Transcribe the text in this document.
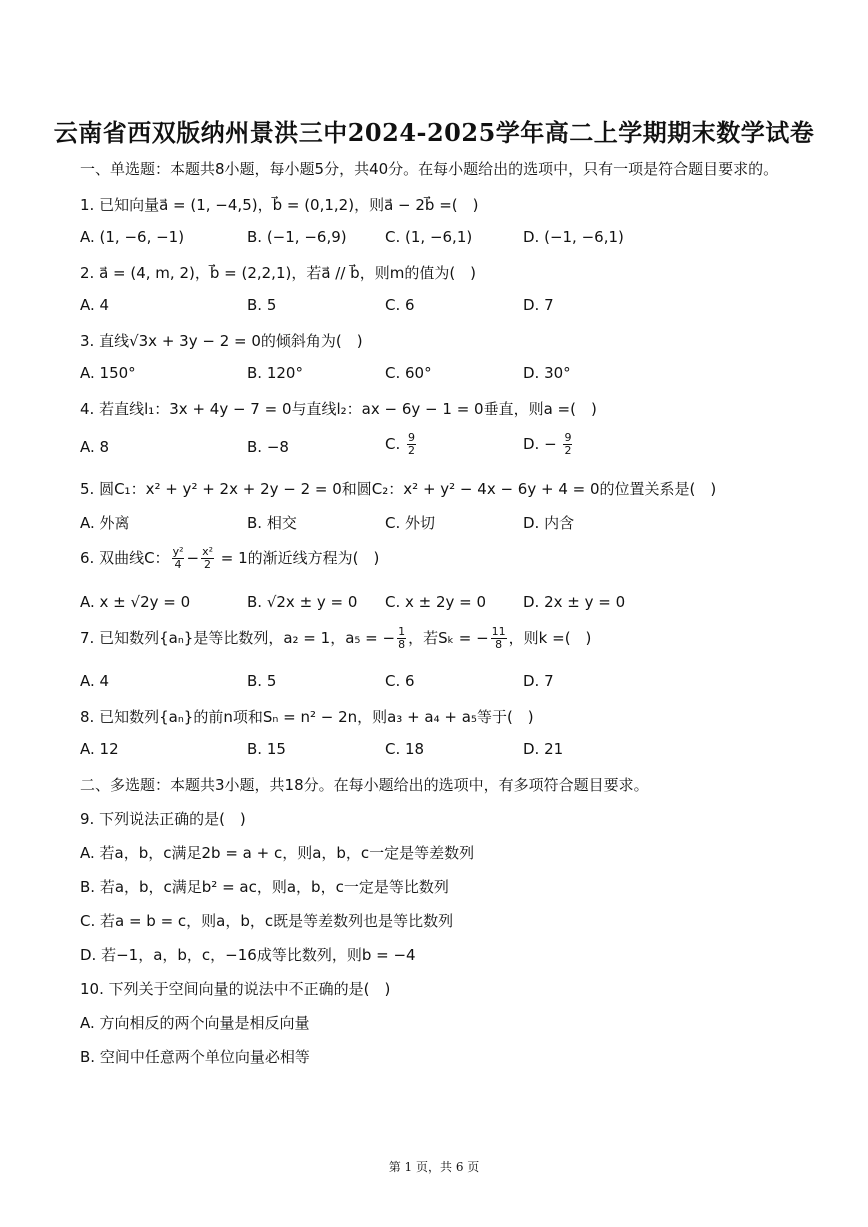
云南省西双版纳州景洪三中2024-2025学年高二上学期期末数学试卷
一、单选题：本题共8小题，每小题5分，共40分。在每小题给出的选项中，只有一项是符合题目要求的。
1. 已知向量a⃗ = (1, −4,5)，b⃗ = (0,1,2)，则a⃗ − 2b⃗ =(　)
A. (1, −6, −1)	B. (−1, −6,9)	C. (1, −6,1)	D. (−1, −6,1)
2. a⃗ = (4, m, 2)，b⃗ = (2,2,1)，若a⃗ // b⃗，则m的值为(　)
A. 4	B. 5	C. 6	D. 7
3. 直线√3x + 3y − 2 = 0的倾斜角为(　)
A. 150°	B. 120°	C. 60°	D. 30°
4. 若直线l₁：3x + 4y − 7 = 0与直线l₂：ax − 6y − 1 = 0垂直，则a =(　)
A. 8	B. −8	C. $\frac{9}{2}$	D. − $\frac{9}{2}$
5. 圆C₁：x² + y² + 2x + 2y − 2 = 0和圆C₂：x² + y² − 4x − 6y + 4 = 0的位置关系是(　)
A. 外离	B. 相交	C. 外切	D. 内含
6. 双曲线C： $\frac{\text{y²}}{4} - \frac{\text{x²}}{2} = 1$的渐近线方程为(　)
A. x ± √2y = 0	B. √2x ± y = 0 C. x ± 2y = 0 D. 2x ± y = 0
7. 已知数列{aₙ}是等比数列，a₂ = 1，a₅ = − $\frac{1}{8}$ ，若Sₖ = − $\frac{11}{8}$ ，则k =(　)
A. 4	B. 5	C. 6	D. 7
8. 已知数列{aₙ}的前n项和Sₙ = n² − 2n，则a₃ + a₄ + a₅等于(　)
A. 12	B. 15	C. 18	D. 21
二、多选题：本题共3小题，共18分。在每小题给出的选项中，有多项符合题目要求。
9. 下列说法正确的是(　)
A. 若a，b，c满足2b = a + c，则a，b，c一定是等差数列
B. 若a，b，c满足b² = ac，则a，b，c一定是等比数列
C. 若a = b = c，则a，b，c既是等差数列也是等比数列
D. 若−1，a，b，c，−16成等比数列，则b = −4
10. 下列关于空间向量的说法中不正确的是(　)
A. 方向相反的两个向量是相反向量
B. 空间中任意两个单位向量必相等
第 1 页，共 6 页
